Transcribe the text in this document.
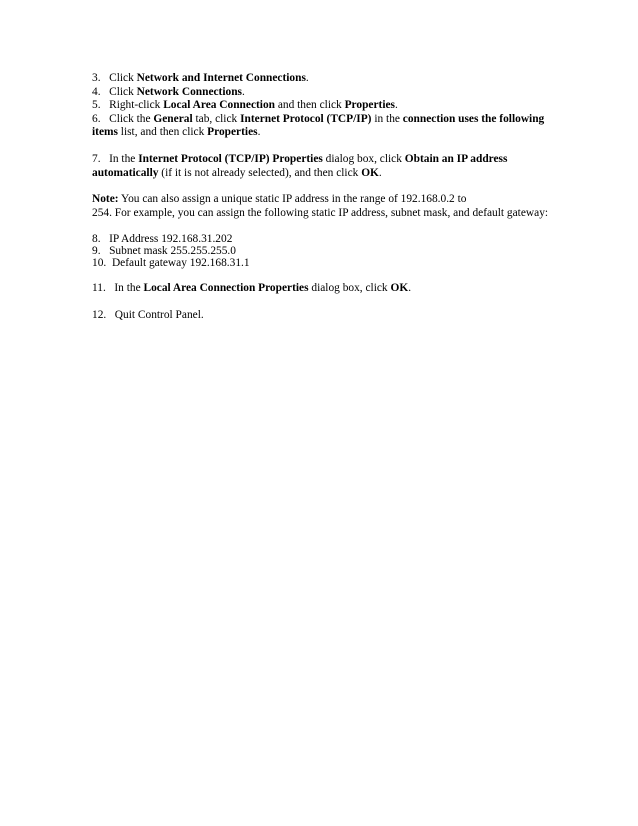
3. Click Network and Internet Connections.
4. Click Network Connections.
5. Right-click Local Area Connection and then click Properties.
6. Click the General tab, click Internet Protocol (TCP/IP) in the connection uses the following
items list, and then click Properties.
7. In the Internet Protocol (TCP/IP) Properties dialog box, click Obtain an IP address
automatically (if it is not already selected), and then click OK.
Note: You can also assign a unique static IP address in the range of 192.168.0.2 to
254. For example, you can assign the following static IP address, subnet mask, and default gateway:
8. IP Address 192.168.31.202
9. Subnet mask 255.255.255.0
10. Default gateway 192.168.31.1
11. In the Local Area Connection Properties dialog box, click OK.
12. Quit Control Panel.
